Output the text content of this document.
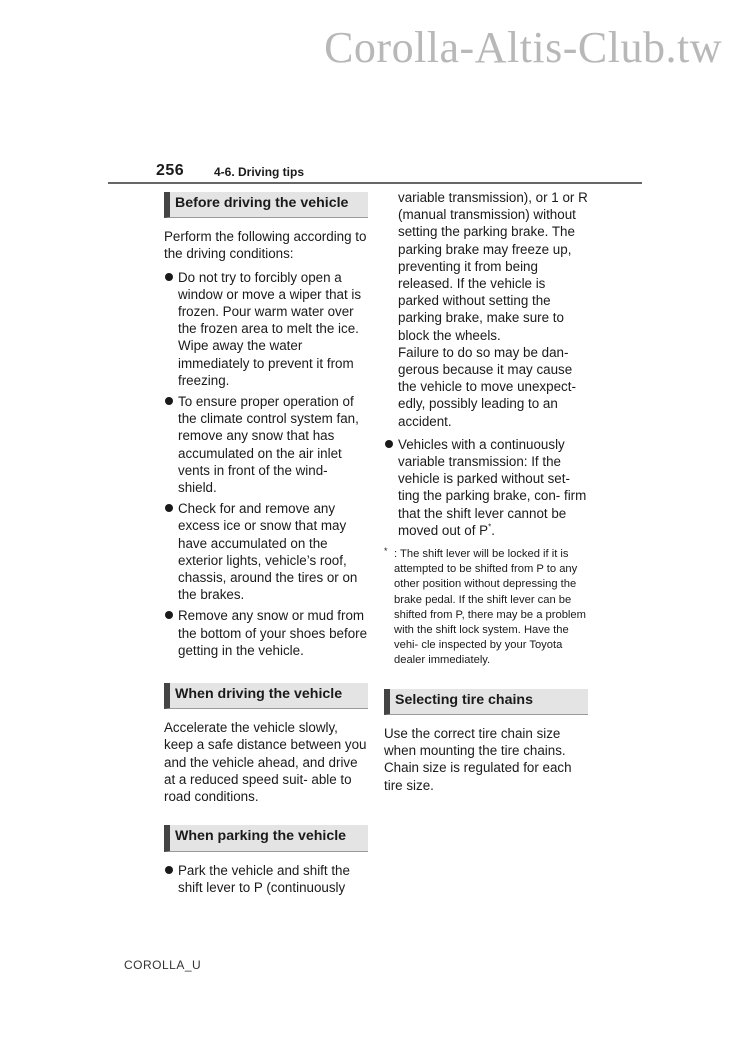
Corolla-Altis-Club.tw
256 4-6. Driving tips
Before driving the vehicle

Perform the following according to the driving conditions:

Do not try to forcibly open a window or move a wiper that is frozen. Pour warm water over the frozen area to melt the ice. Wipe away the water immediately to prevent it from freezing.
To ensure proper operation of the climate control system fan, remove any snow that has accumulated on the air inlet vents in front of the wind- shield.
Check for and remove any excess ice or snow that may have accumulated on the exterior lights, vehicle’s roof, chassis, around the tires or on the brakes.
Remove any snow or mud from the bottom of your shoes before getting in the vehicle.
When driving the vehicle

Accelerate the vehicle slowly, keep a safe distance between you and the vehicle ahead, and drive at a reduced speed suit- able to road conditions.

When parking the vehicle
Park the vehicle and shift the shift lever to P (continuously

variable transmission), or 1 or R (manual transmission) without setting the parking brake. The parking brake may freeze up, preventing it from being released. If the vehicle is parked without setting the parking brake, make sure to block the wheels.

Failure to do so may be dan- gerous because it may cause the vehicle to move unexpect- edly, possibly leading to an accident.

Vehicles with a continuously variable transmission: If the vehicle is parked without set- ting the parking brake, con- firm that the shift lever cannot be moved out of P*.
* : The shift lever will be locked if it is attempted to be shifted from P to any other position without depressing the brake pedal. If the shift lever can be shifted from P, there may be a problem with the shift lock system. Have the vehi- cle inspected by your Toyota dealer immediately.
Selecting tire chains

Use the correct tire chain size when mounting the tire chains. Chain size is regulated for each tire size.

COROLLA_U
